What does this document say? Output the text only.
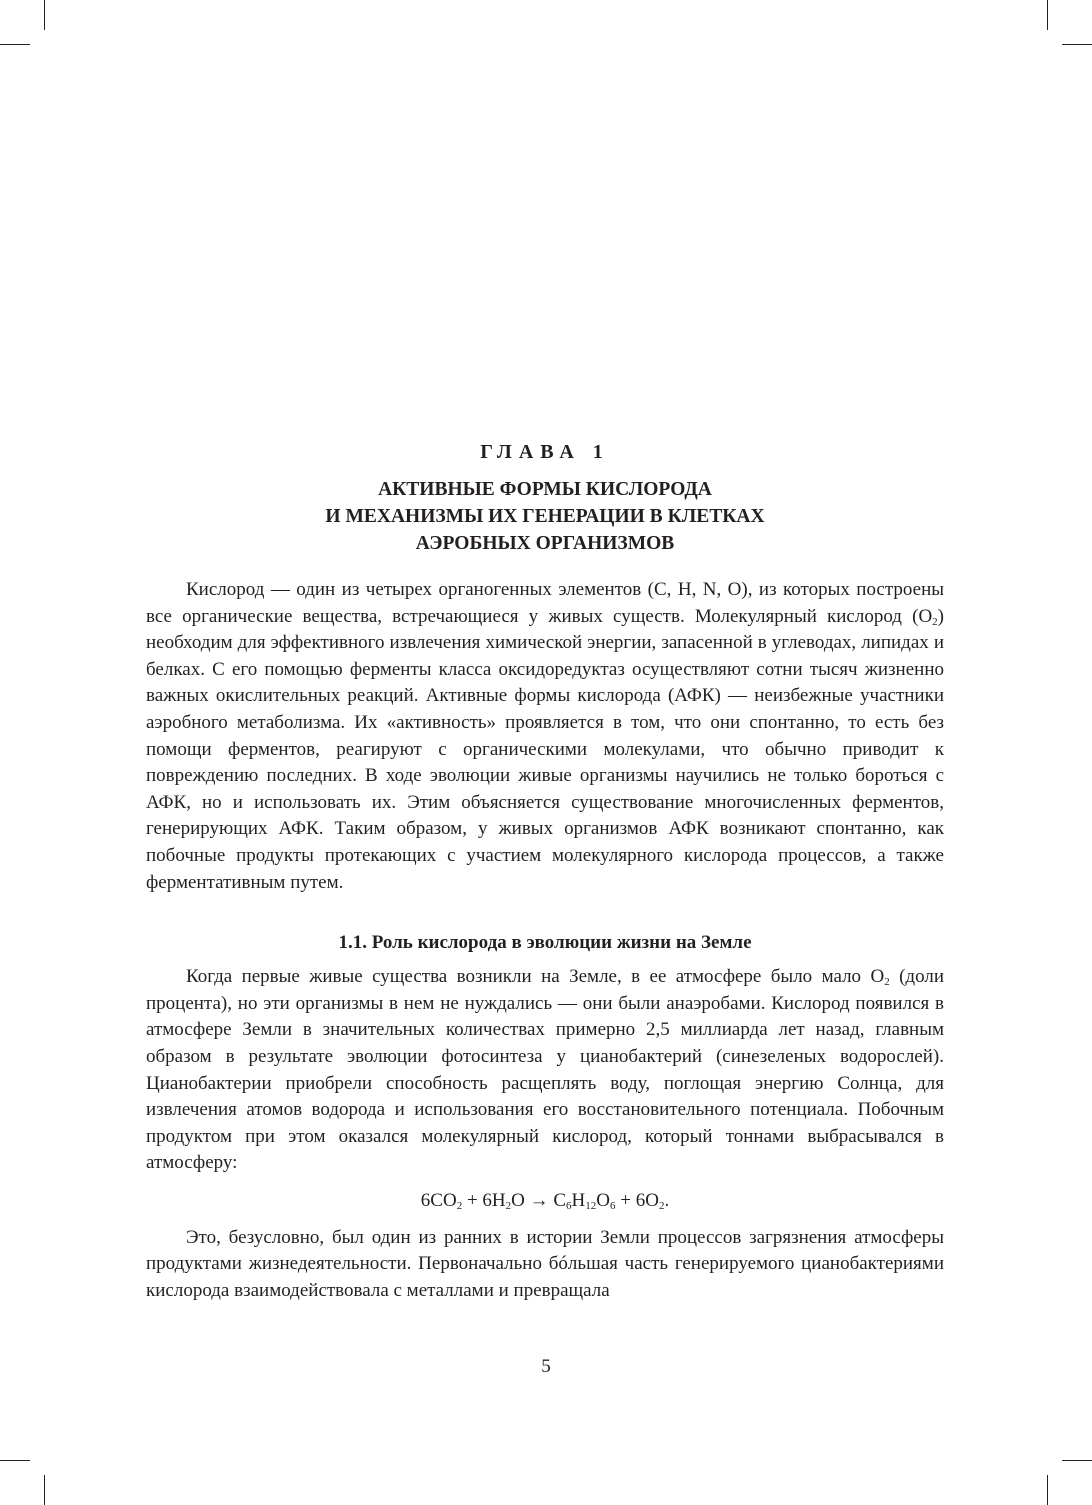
ГЛАВА 1
АКТИВНЫЕ ФОРМЫ КИСЛОРОДА
И МЕХАНИЗМЫ ИХ ГЕНЕРАЦИИ В КЛЕТКАХ
АЭРОБНЫХ ОРГАНИЗМОВ

Кислород — один из четырех органогенных элементов (C, H, N, O), из которых построены все органические вещества, встречающиеся у живых существ. Молекулярный кислород $(O_2)$ необходим для эффективного извлечения химической энергии, запасенной в углеводах, липидах и белках. С его помощью ферменты класса оксидоредуктаз осуществляют сотни тысяч жизненно важных окислительных реакций. Активные формы кислорода (АФК) — неизбежные участники аэробного метаболизма. Их «активность» проявляется в том, что они спонтанно, то есть без помощи ферментов, реагируют с органическими молекулами, что обычно приводит к повреждению последних. В ходе эволюции живые организмы научились не только бороться с АФК, но и использовать их. Этим объясняется существование многочисленных ферментов, генерирующих АФК. Таким образом, у живых организмов АФК возникают спонтанно, как побочные продукты протекающих с участием молекулярного кислорода процессов, а также ферментативным путем.

1.1. Роль кислорода в эволюции жизни на Земле

Когда первые живые существа возникли на Земле, в ее атмосфере было мало $O_2$ (доли процента), но эти организмы в нем не нуждались — они были анаэробами. Кислород появился в атмосфере Земли в значительных количествах примерно 2,5 миллиарда лет назад, главным образом в результате эволюции фотосинтеза у цианобактерий (синезеленых водорослей). Цианобактерии приобрели способность расщеплять воду, поглощая энергию Солнца, для извлечения атомов водорода и использования его восстановительного потенциала. Побочным продуктом при этом оказался молекулярный кислород, который тоннами выбрасывался в атмосферу:

$6CO_2 + 6H_2O \to C_6H_{12}O_6 + 6O_2$.

Это, безусловно, был один из ранних в истории Земли процессов загрязнения атмосферы продуктами жизнедеятельности. Первоначально бóльшая часть генерируемого цианобактериями кислорода взаимодействовала с металлами и превращала

5
